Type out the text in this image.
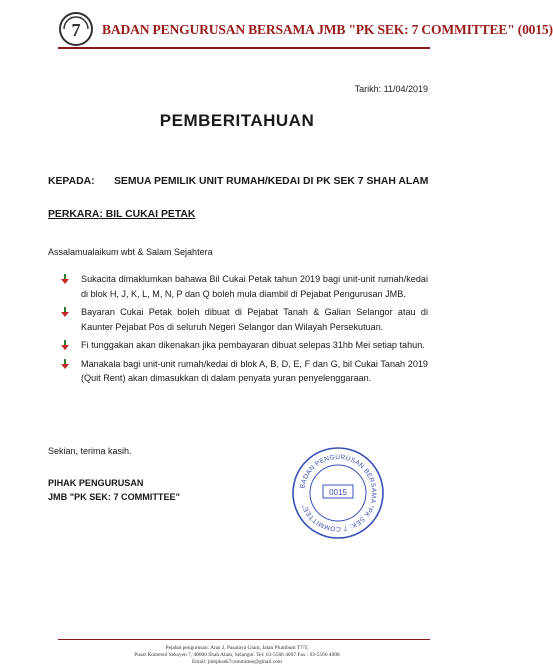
7 BADAN PENGURUSAN BERSAMA JMB "PK SEK: 7 COMMITTEE" (0015)
Tarikh: 11/04/2019
PEMBERITAHUAN
KEPADA: SEMUA PEMILIK UNIT RUMAH/KEDAI DI PK SEK 7 SHAH ALAM
PERKARA: BIL CUKAI PETAK
Assalamualaikum wbt & Salam Sejahtera
Sukacita dimaklumkan bahawa Bil Cukai Petak tahun 2019 bagi unit-unit rumah/kedai di blok H, J, K, L, M, N, P dan Q boleh mula diambil di Pejabat Pengurusan JMB.
Bayaran Cukai Petak boleh dibuat di Pejabat Tanah & Galian Selangor atau di Kaunter Pejabat Pos di seluruh Negeri Selangor dan Wilayah Persekutuan.
Fi tunggakan akan dikenakan jika pembayaran dibuat selepas 31hb Mei setiap tahun.
Manakala bagi unit-unit rumah/kedai di blok A, B, D, E, F dan G, bil Cukai Tanah 2019 (Quit Rent) akan dimasukkan di dalam penyata yuran penyelenggaraan.
Sekian, terima kasih.
PIHAK PENGURUSAN
JMB "PK SEK: 7 COMMITTEE"
BADAN PENGURUSAN BERSAMA "PK SEK: 7 COMMITTEE"
0015
Pejabat pengurusan: Aras 2, Pasaraya Giant, Jalan Plumbum T7/T,
Pusat Komersil Seksyen 7, 40000 Shah Alam, Selangor. Tel: 03-5566 4007 Fax : 03-5566 4008
Email: jmbpksek7committee@gmail.com
